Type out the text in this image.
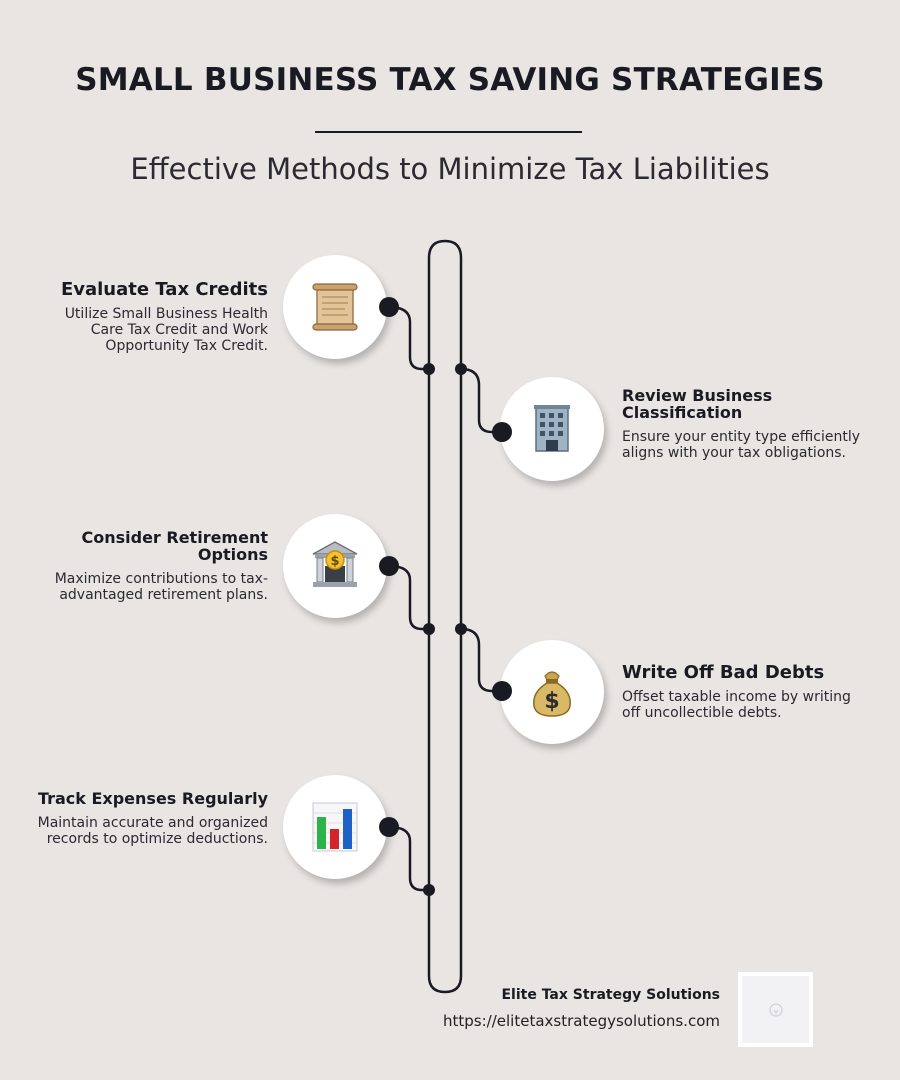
SMALL BUSINESS TAX SAVING STRATEGIES
Effective Methods to Minimize Tax Liabilities
Evaluate Tax Credits
Utilize Small Business Health Care Tax Credit and Work Opportunity Tax Credit.
Review Business Classification
Ensure your entity type efficiently aligns with your tax obligations.
Consider Retirement Options
Maximize contributions to tax-advantaged retirement plans.
$
$
Write Off Bad Debts
Offset taxable income by writing off uncollectible debts.
Track Expenses Regularly
Maintain accurate and organized records to optimize deductions.
Elite Tax Strategy Solutions
https://elitetaxstrategysolutions.com
